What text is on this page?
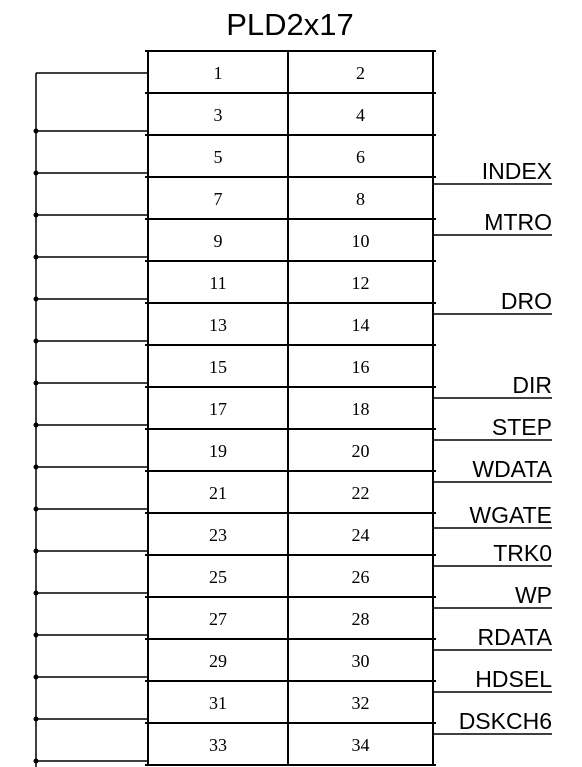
PLD2x17
1	2
3	4
5	6
7	8
9	10
11	12
13	14
15	16
17	18
19	20
21	22
23	24
25	26
27	28
29	30
31	32
33	34
INDEX
MTRO
DRO
DIR
STEP
WDATA
WGATE
TRK0
WP
RDATA
HDSEL
DSKCH6
